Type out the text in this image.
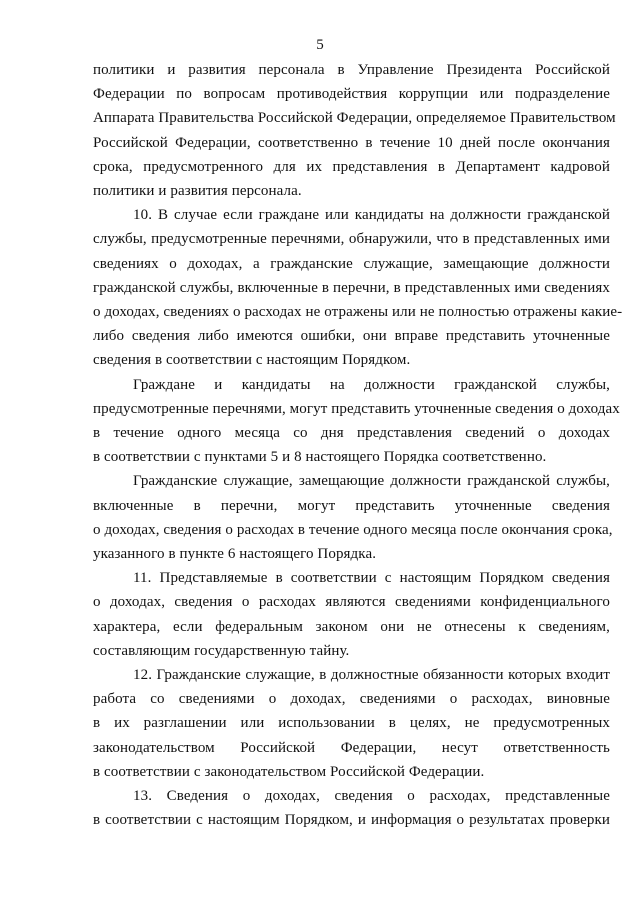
5
политики и развития персонала в Управление Президента Российской
Федерации по вопросам противодействия коррупции или подразделение
Аппарата Правительства Российской Федерации, определяемое Правительством
Российской Федерации, соответственно в течение 10 дней после окончания
срока, предусмотренного для их представления в Департамент кадровой
политики и развития персонала.
10. В случае если граждане или кандидаты на должности гражданской
службы, предусмотренные перечнями, обнаружили, что в представленных ими
сведениях о доходах, а гражданские служащие, замещающие должности
гражданской службы, включенные в перечни, в представленных ими сведениях
о доходах, сведениях о расходах не отражены или не полностью отражены какие-
либо сведения либо имеются ошибки, они вправе представить уточненные
сведения в соответствии с настоящим Порядком.
Граждане и кандидаты на должности гражданской службы,
предусмотренные перечнями, могут представить уточненные сведения о доходах
в течение одного месяца со дня представления сведений о доходах
в соответствии с пунктами 5 и 8 настоящего Порядка соответственно.
Гражданские служащие, замещающие должности гражданской службы,
включенные в перечни, могут представить уточненные сведения
о доходах, сведения о расходах в течение одного месяца после окончания срока,
указанного в пункте 6 настоящего Порядка.
11. Представляемые в соответствии с настоящим Порядком сведения
о доходах, сведения о расходах являются сведениями конфиденциального
характера, если федеральным законом они не отнесены к сведениям,
составляющим государственную тайну.
12. Гражданские служащие, в должностные обязанности которых входит
работа со сведениями о доходах, сведениями о расходах, виновные
в их разглашении или использовании в целях, не предусмотренных
законодательством Российской Федерации, несут ответственность
в соответствии с законодательством Российской Федерации.
13. Сведения о доходах, сведения о расходах, представленные
в соответствии с настоящим Порядком, и информация о результатах проверки
